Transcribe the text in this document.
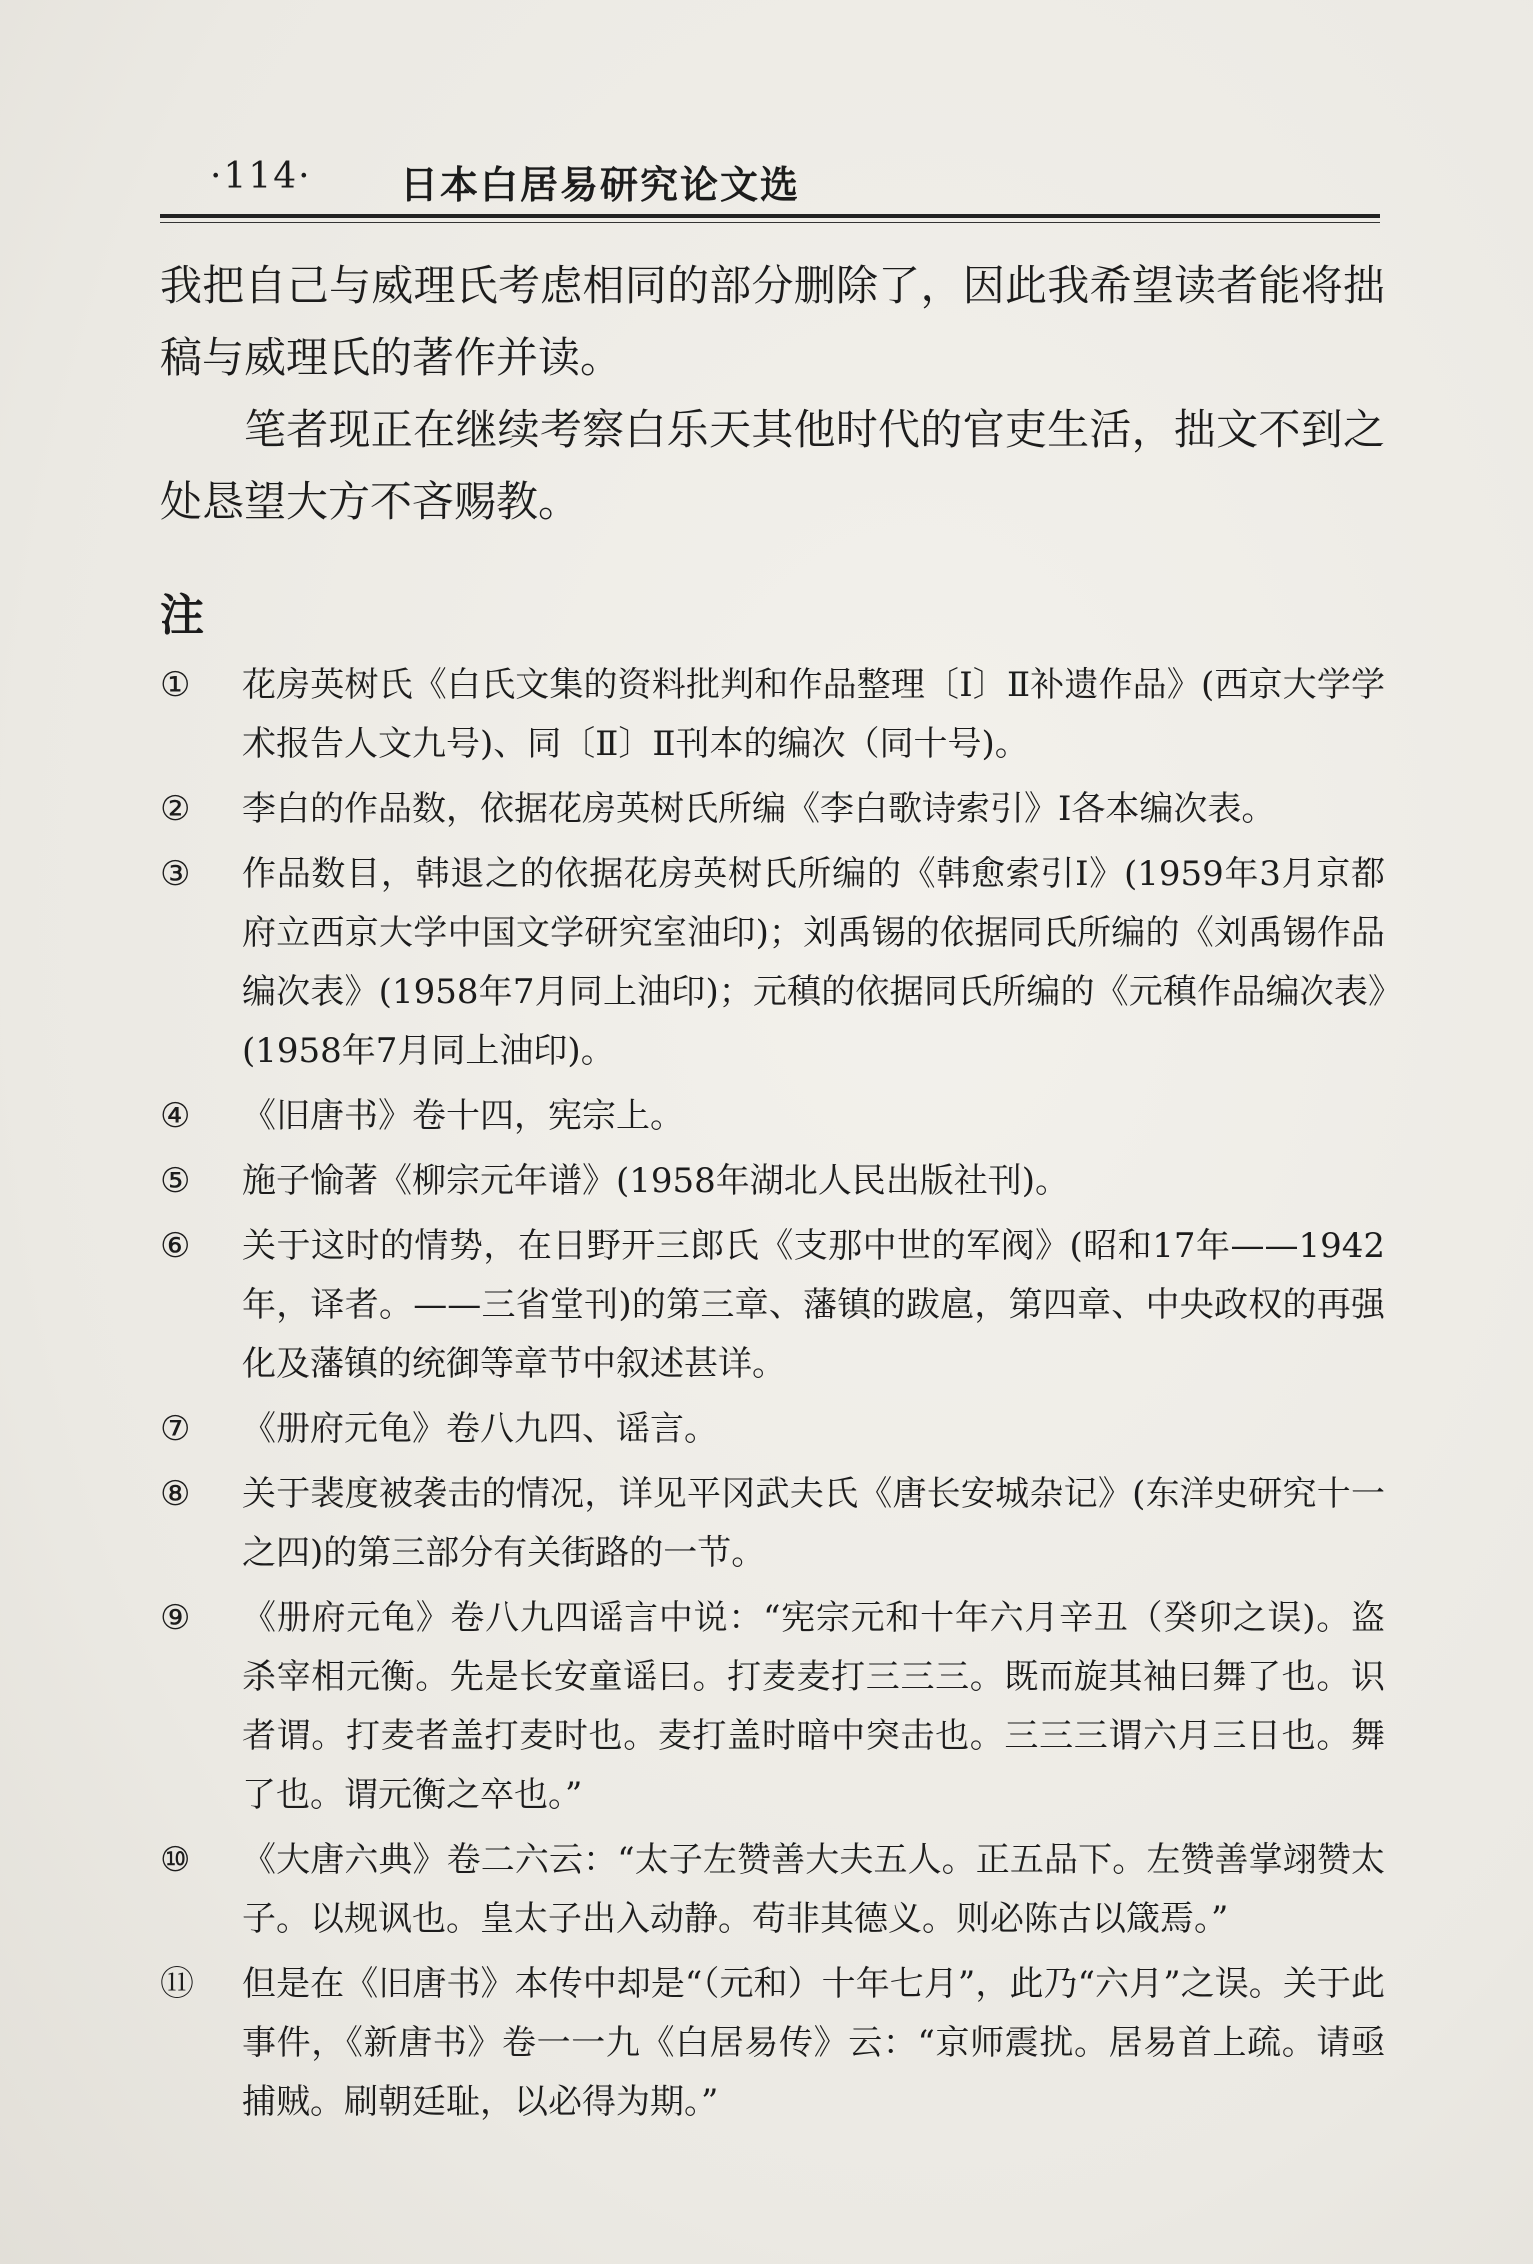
·114· 日本白居易研究论文选

我把自己与威理氏考虑相同的部分删除了，因此我希望读者能将拙稿与威理氏的著作并读。

笔者现正在继续考察白乐天其他时代的官吏生活，拙文不到之处恳望大方不吝赐教。

注
①	花房英树氏《白氏文集的资料批判和作品整理〔Ⅰ〕Ⅱ补遗作品》(西京大学学术报告人文九号)、同〔Ⅱ〕Ⅱ刊本的编次（同十号)。
②	李白的作品数，依据花房英树氏所编《李白歌诗索引》Ⅰ各本编次表。
③	作品数目，韩退之的依据花房英树氏所编的《韩愈索引Ⅰ》(1959年3月京都府立西京大学中国文学研究室油印)；刘禹锡的依据同氏所编的《刘禹锡作品编次表》(1958年7月同上油印)；元稹的依据同氏所编的《元稹作品编次表》(1958年7月同上油印)。
④	《旧唐书》卷十四，宪宗上。
⑤	施子愉著《柳宗元年谱》(1958年湖北人民出版社刊)。
⑥	关于这时的情势，在日野开三郎氏《支那中世的军阀》(昭和17年——1942年，译者。——三省堂刊)的第三章、藩镇的跋扈，第四章、中央政权的再强化及藩镇的统御等章节中叙述甚详。
⑦	《册府元龟》卷八九四、谣言。
⑧	关于裴度被袭击的情况，详见平冈武夫氏《唐长安城杂记》(东洋史研究十一之四)的第三部分有关街路的一节。
⑨	《册府元龟》卷八九四谣言中说：“宪宗元和十年六月辛丑（癸卯之误)。盗杀宰相元衡。先是长安童谣曰。打麦麦打三三三。既而旋其袖曰舞了也。识者谓。打麦者盖打麦时也。麦打盖时暗中突击也。三三三谓六月三日也。舞了也。谓元衡之卒也。”
⑩	《大唐六典》卷二六云：“太子左赞善大夫五人。正五品下。左赞善掌翊赞太子。以规讽也。皇太子出入动静。苟非其德义。则必陈古以箴焉。”
⑪	但是在《旧唐书》本传中却是“（元和）十年七月”，此乃“六月”之误。关于此事件，《新唐书》卷一一九《白居易传》云：“京师震扰。居易首上疏。请亟捕贼。刷朝廷耻，以必得为期。”
